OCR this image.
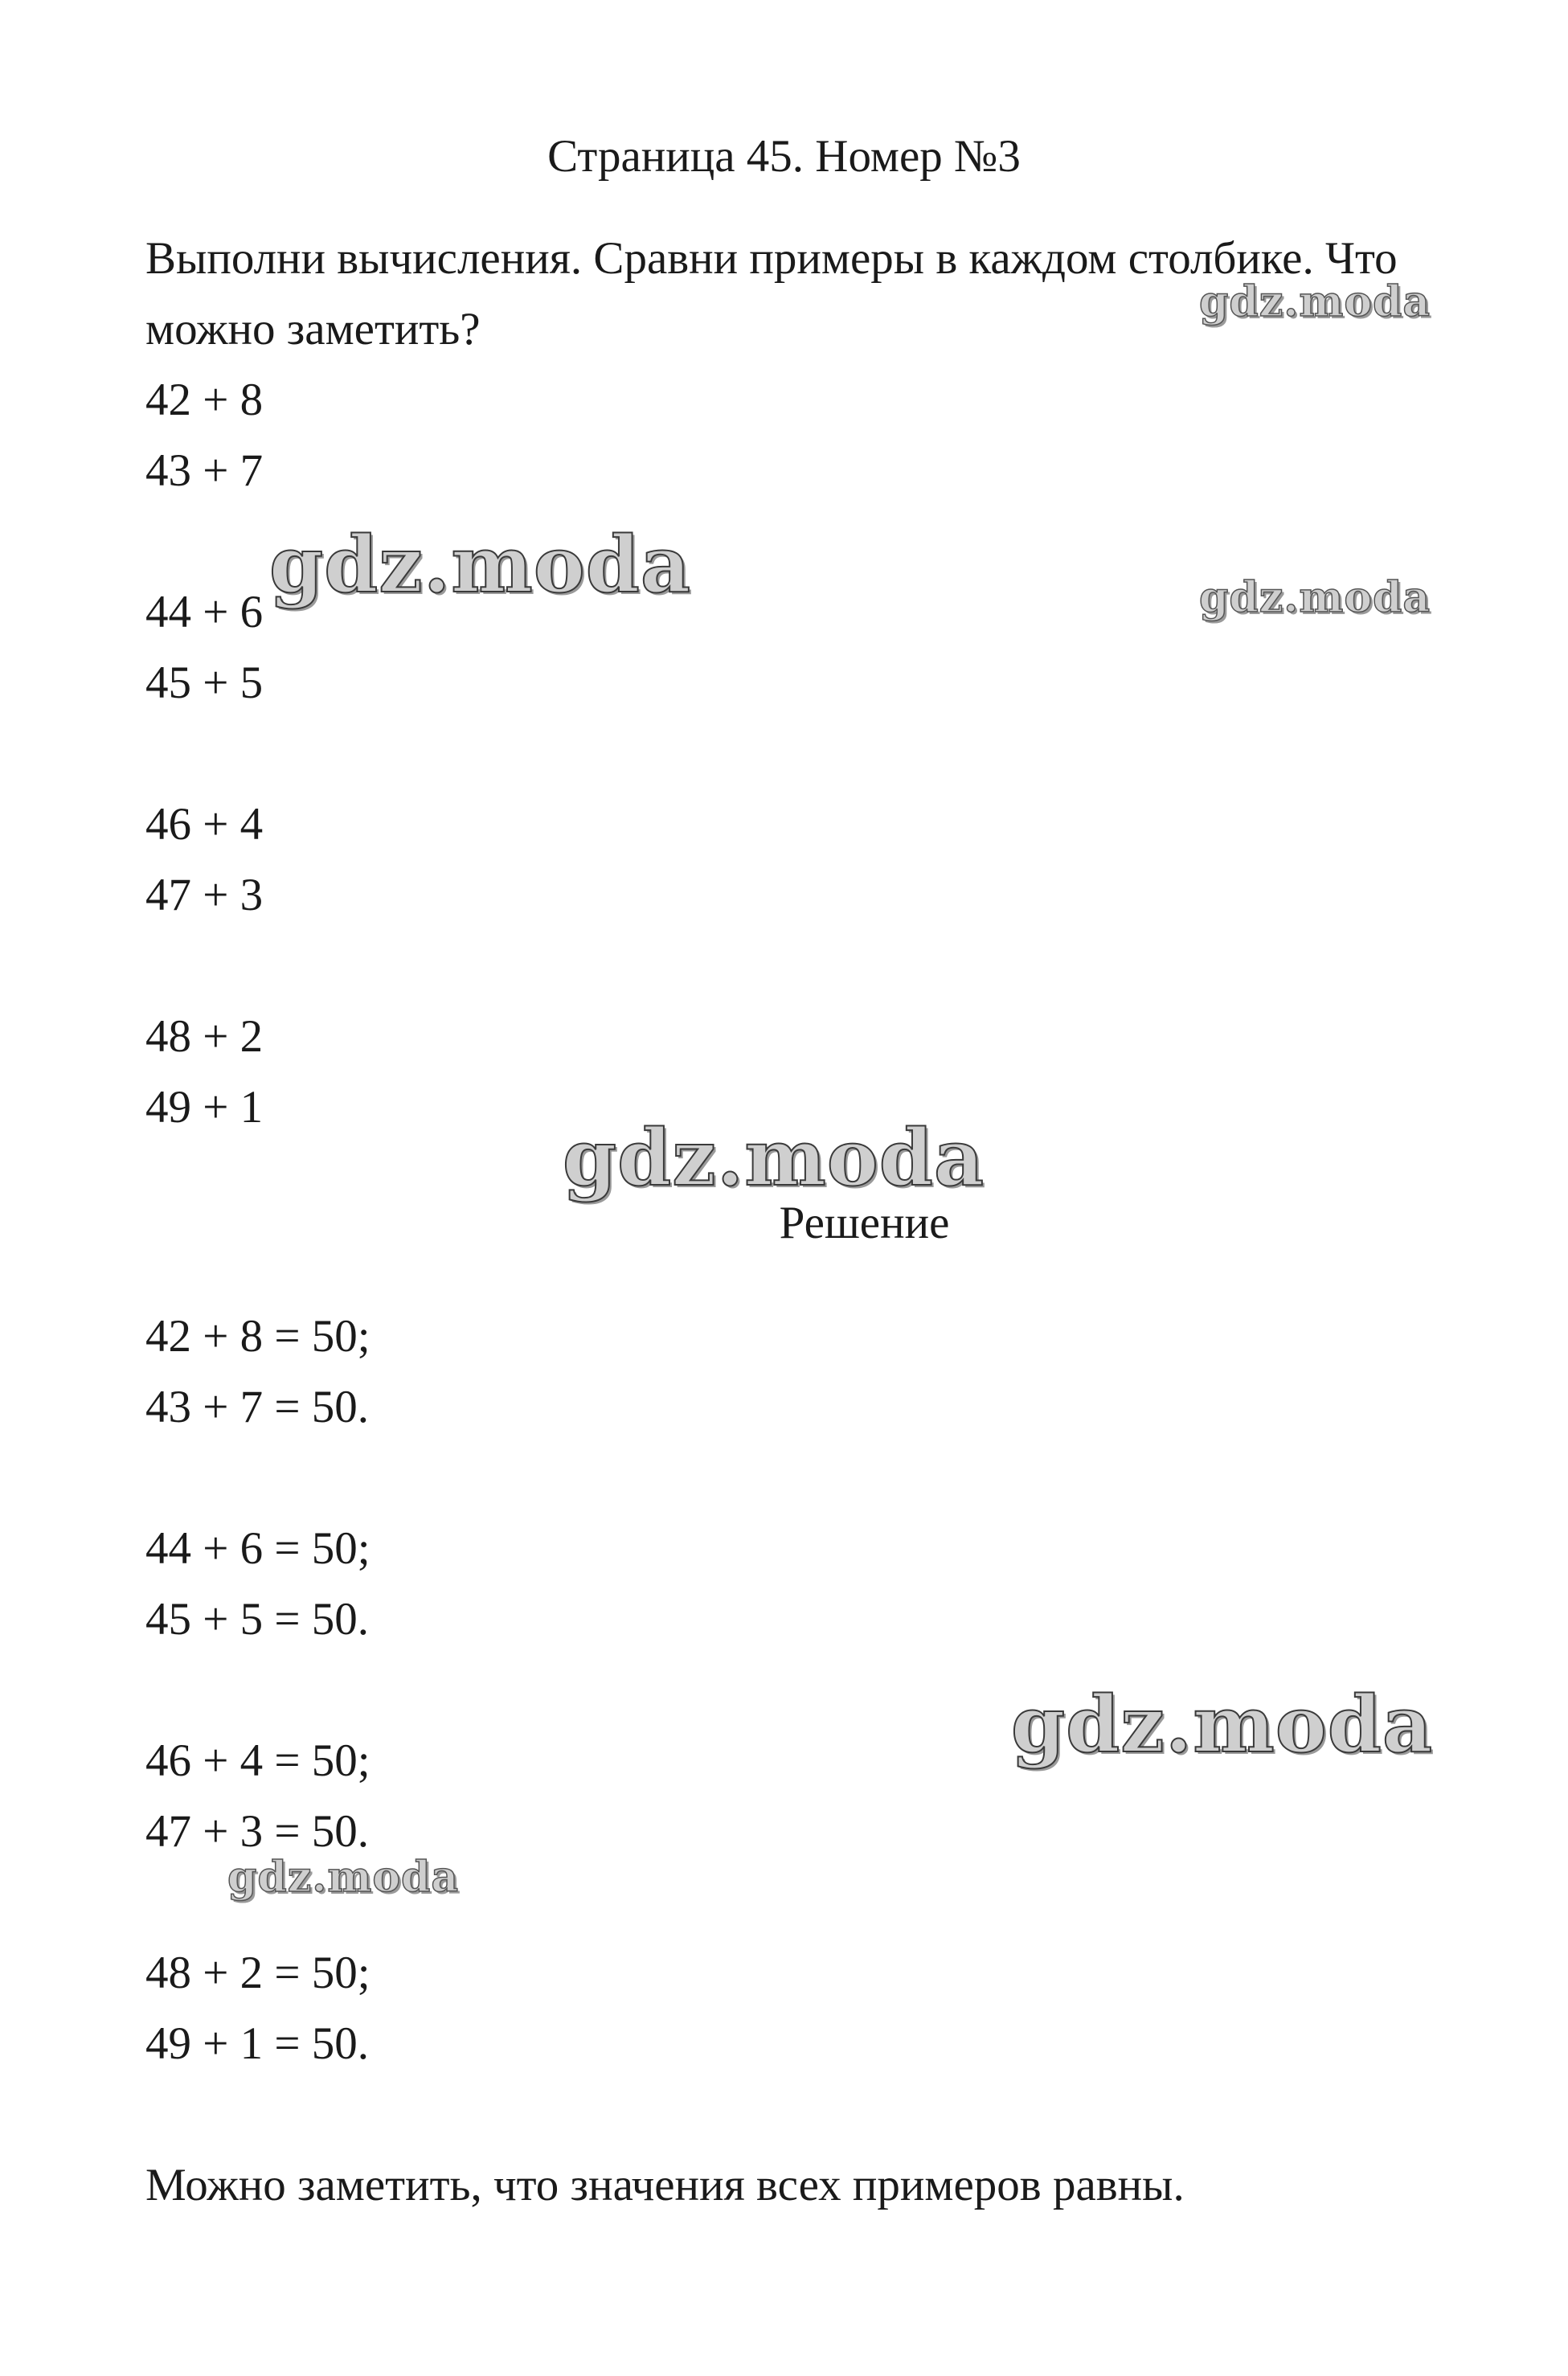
Страница 45. Номер №3
Выполни вычисления. Сравни примеры в каждом столбике. Что
можно заметить?
42 + 8
43 + 7
44 + 6
45 + 5
46 + 4
47 + 3
48 + 2
49 + 1
Решение
42 + 8 = 50;
43 + 7 = 50.
44 + 6 = 50;
45 + 5 = 50.
46 + 4 = 50;
47 + 3 = 50.
48 + 2 = 50;
49 + 1 = 50.
Можно заметить, что значения всех примеров равны.
gdz.moda
gdz.moda	gdz.moda
gdz.moda
gdz.moda
gdz.moda
